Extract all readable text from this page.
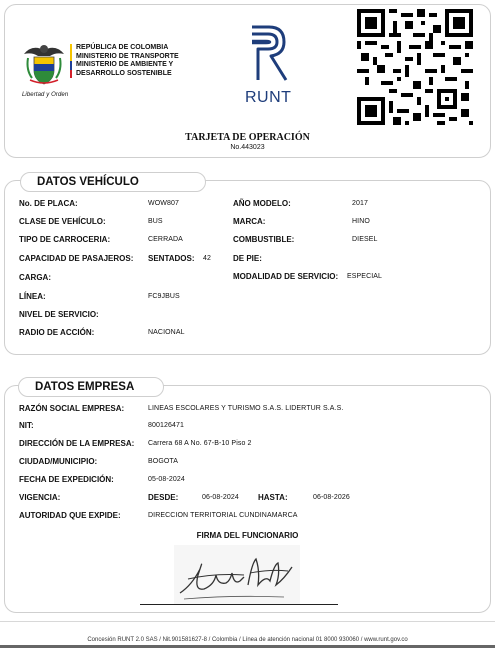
Libertad y Orden
REPÚBLICA DE COLOMBIA
MINISTERIO DE TRANSPORTE
MINISTERIO DE AMBIENTE Y
DESARROLLO SOSTENIBLE
RUNT
TARJETA DE OPERACIÓN
No.443023
DATOS VEHÍCULO
No. DE PLACA:	WOW807	AÑO MODELO:	2017
CLASE DE VEHÍCULO:	BUS	MARCA:	HINO
TIPO DE CARROCERIA:	CERRADA	COMBUSTIBLE:	DIESEL
CAPACIDAD DE PASAJEROS: SENTADOS: 42	DE PIE:
CARGA:	MODALIDAD DE SERVICIO: ESPECIAL
LÍNEA:	FC9JBUS
NIVEL DE SERVICIO:
RADIO DE ACCIÓN:	NACIONAL
DATOS EMPRESA
RAZÓN SOCIAL EMPRESA:	LINEAS ESCOLARES Y TURISMO S.A.S. LIDERTUR S.A.S.
NIT:	800126471
DIRECCIÓN DE LA EMPRESA: Carrera 68 A No. 67-B-10 Piso 2
CIUDAD/MUNICIPIO:	BOGOTA
FECHA DE EXPEDICIÓN:	05-08-2024
VIGENCIA:	DESDE:	06-08-2024 HASTA:	06-08-2026
AUTORIDAD QUE EXPIDE:	DIRECCION TERRITORIAL CUNDINAMARCA
FIRMA DEL FUNCIONARIO
Concesión RUNT 2.0 SAS / Nit.901581627-8 / Colombia / Línea de atención nacional 01 8000 930060 / www.runt.gov.co
